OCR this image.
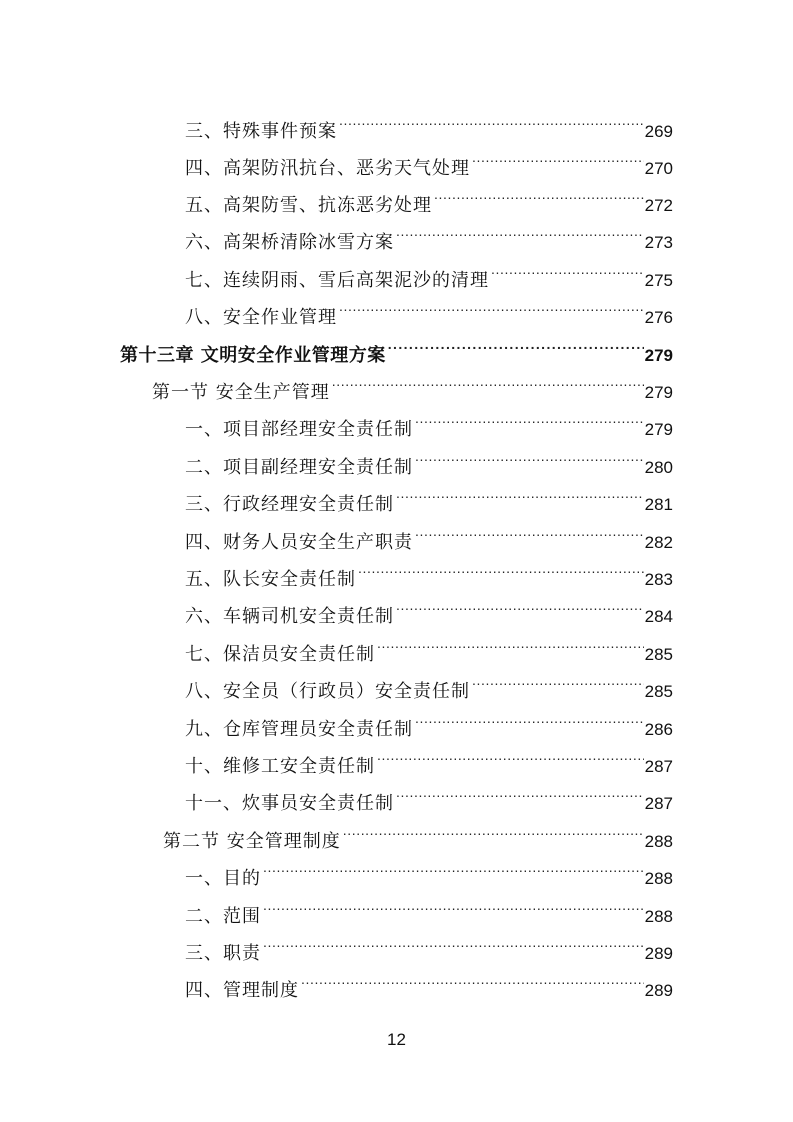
三、特殊事件预案 .....	269
四、高架防汛抗台、恶劣天气处理 .....	270
五、高架防雪、抗冻恶劣处理 .....	272
六、高架桥清除冰雪方案 .....	273
七、连续阴雨、雪后高架泥沙的清理 .....	275
八、安全作业管理 .....	276
第十三章 文明安全作业管理方案 .....	279
第一节 安全生产管理 .....	279
一、项目部经理安全责任制 .....	279
二、项目副经理安全责任制 .....	280
三、行政经理安全责任制 .....	281
四、财务人员安全生产职责 .....	282
五、队长安全责任制 .....	283
六、车辆司机安全责任制 .....	284
七、保洁员安全责任制 .....	285
八、安全员（行政员）安全责任制 .....	285
九、仓库管理员安全责任制 .....	286
十、维修工安全责任制 .....	287
十一、炊事员安全责任制 .....	287
第二节 安全管理制度 .....	288
一、目的 .....	288
二、范围 .....	288
三、职责 .....	289
四、管理制度 .....	289
12
